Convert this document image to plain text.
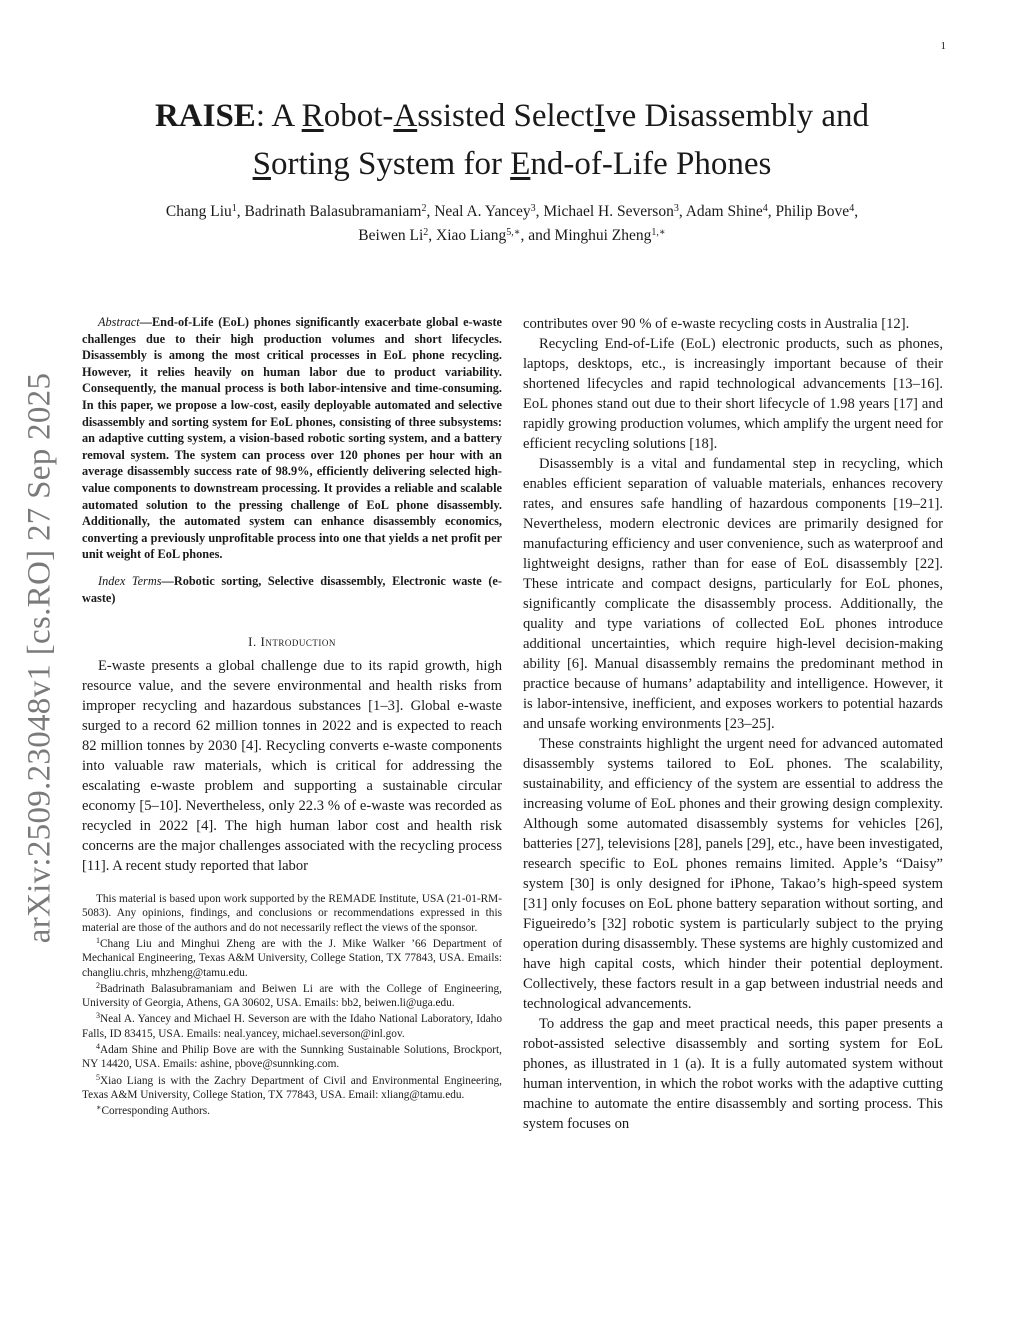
1
arXiv:2509.23048v1 [cs.RO] 27 Sep 2025
RAISE: A Robot-Assisted SelectIve Disassembly and
Sorting System for End-of-Life Phones
Chang Liu$^1$, Badrinath Balasubramaniam$^2$, Neal A. Yancey$^3$, Michael H. Severson$^3$, Adam Shine$^4$, Philip Bove$^4$,
Beiwen Li$^2$, Xiao Liang$^{5,∗}$, and Minghui Zheng$^{1,∗}$

Abstract—End-of-Life (EoL) phones significantly exacerbate global e-waste challenges due to their high production volumes and short lifecycles. Disassembly is among the most critical processes in EoL phone recycling. However, it relies heavily on human labor due to product variability. Consequently, the manual process is both labor-intensive and time-consuming. In this paper, we propose a low-cost, easily deployable automated and selective disassembly and sorting system for EoL phones, consisting of three subsystems: an adaptive cutting system, a vision-based robotic sorting system, and a battery removal system. The system can process over 120 phones per hour with an average disassembly success rate of 98.9%, efficiently delivering selected high-value components to downstream processing. It provides a reliable and scalable automated solution to the pressing challenge of EoL phone disassembly. Additionally, the automated system can enhance disassembly economics, converting a previously unprofitable process into one that yields a net profit per unit weight of EoL phones.

Index Terms—Robotic sorting, Selective disassembly, Electronic waste (e-waste)

I. Introduction

E-waste presents a global challenge due to its rapid growth, high resource value, and the severe environmental and health risks from improper recycling and hazardous substances [1–3]. Global e-waste surged to a record 62 million tonnes in 2022 and is expected to reach 82 million tonnes by 2030 [4]. Recycling converts e-waste components into valuable raw materials, which is critical for addressing the escalating e-waste problem and supporting a sustainable circular economy [5–10]. Nevertheless, only 22.3 % of e-waste was recorded as recycled in 2022 [4]. The high human labor cost and health risk concerns are the major challenges associated with the recycling process [11]. A recent study reported that labor

This material is based upon work supported by the REMADE Institute, USA (21-01-RM-5083). Any opinions, findings, and conclusions or recommendations expressed in this material are those of the authors and do not necessarily reflect the views of the sponsor.

$^1$Chang Liu and Minghui Zheng are with the J. Mike Walker ’66 Department of Mechanical Engineering, Texas A&M University, College Station, TX 77843, USA. Emails: changliu.chris, mhzheng@tamu.edu.

$^2$Badrinath Balasubramaniam and Beiwen Li are with the College of Engineering, University of Georgia, Athens, GA 30602, USA. Emails: bb2, beiwen.li@uga.edu.

$^3$Neal A. Yancey and Michael H. Severson are with the Idaho National Laboratory, Idaho Falls, ID 83415, USA. Emails: neal.yancey, michael.severson@inl.gov.

$^4$Adam Shine and Philip Bove are with the Sunnking Sustainable Solutions, Brockport, NY 14420, USA. Emails: ashine, pbove@sunnking.com.

$^5$Xiao Liang is with the Zachry Department of Civil and Environmental Engineering, Texas A&M University, College Station, TX 77843, USA. Email: xliang@tamu.edu.

∗Corresponding Authors.

contributes over 90 % of e-waste recycling costs in Australia [12].

Recycling End-of-Life (EoL) electronic products, such as phones, laptops, desktops, etc., is increasingly important because of their shortened lifecycles and rapid technological advancements [13–16]. EoL phones stand out due to their short lifecycle of 1.98 years [17] and rapidly growing production volumes, which amplify the urgent need for efficient recycling solutions [18].

Disassembly is a vital and fundamental step in recycling, which enables efficient separation of valuable materials, enhances recovery rates, and ensures safe handling of hazardous components [19–21]. Nevertheless, modern electronic devices are primarily designed for manufacturing efficiency and user convenience, such as waterproof and lightweight designs, rather than for ease of EoL disassembly [22]. These intricate and compact designs, particularly for EoL phones, significantly complicate the disassembly process. Additionally, the quality and type variations of collected EoL phones introduce additional uncertainties, which require high-level decision-making ability [6]. Manual disassembly remains the predominant method in practice because of humans’ adaptability and intelligence. However, it is labor-intensive, inefficient, and exposes workers to potential hazards and unsafe working environments [23–25].

These constraints highlight the urgent need for advanced automated disassembly systems tailored to EoL phones. The scalability, sustainability, and efficiency of the system are essential to address the increasing volume of EoL phones and their growing design complexity. Although some automated disassembly systems for vehicles [26], batteries [27], televisions [28], panels [29], etc., have been investigated, research specific to EoL phones remains limited. Apple’s “Daisy” system [30] is only designed for iPhone, Takao’s high-speed system [31] only focuses on EoL phone battery separation without sorting, and Figueiredo’s [32] robotic system is particularly subject to the prying operation during disassembly. These systems are highly customized and have high capital costs, which hinder their potential deployment. Collectively, these factors result in a gap between industrial needs and technological advancements.

To address the gap and meet practical needs, this paper presents a robot-assisted selective disassembly and sorting system for EoL phones, as illustrated in 1 (a). It is a fully automated system without human intervention, in which the robot works with the adaptive cutting machine to automate the entire disassembly and sorting process. This system focuses on
